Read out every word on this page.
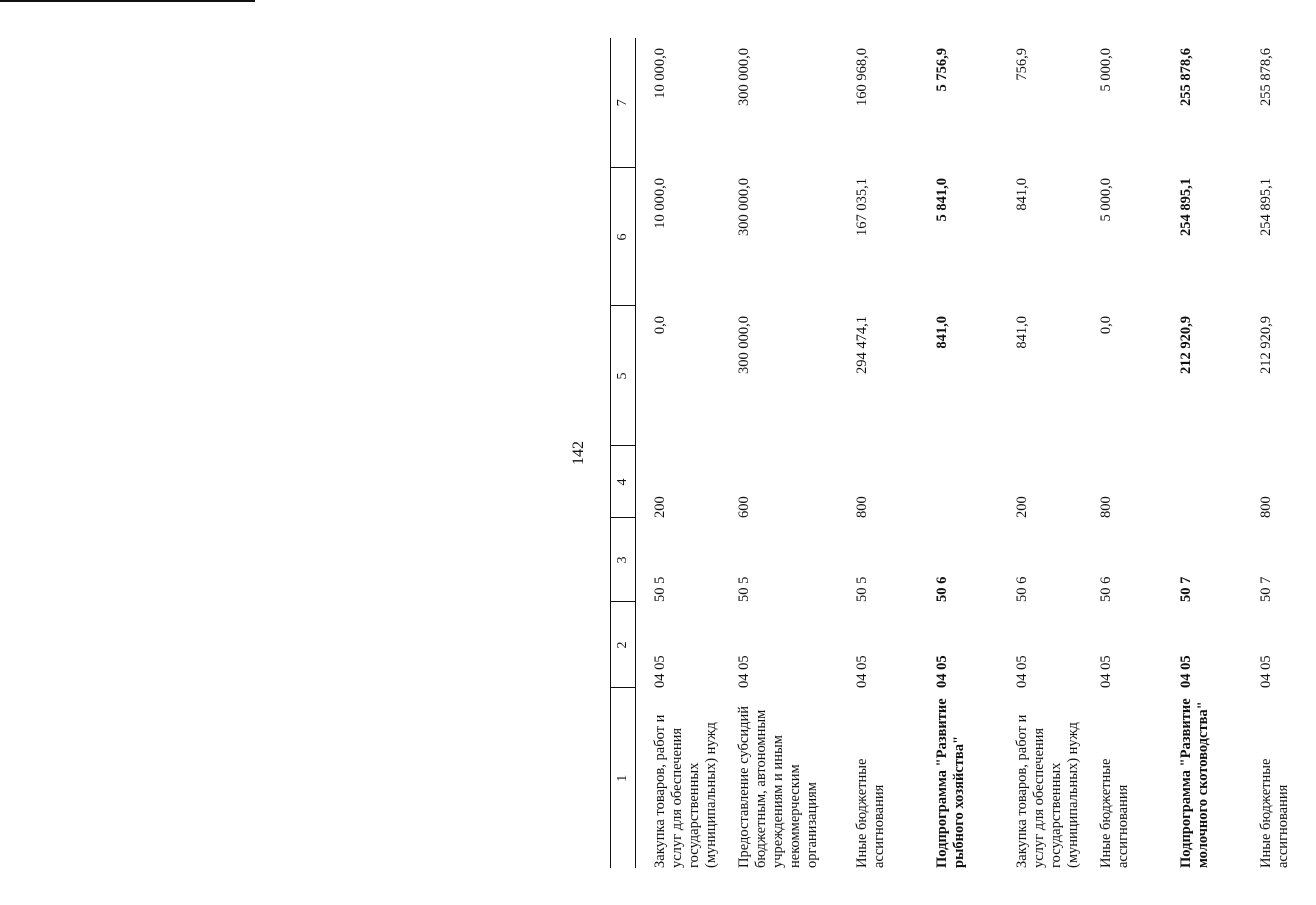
142
1	2	3	4	5	6	7
Закупка товаров, работ и услуг для обеспечения государственных (муниципальных) нужд	04 05	50 5	200	0,0	10 000,0	10 000,0
Предоставление субсидий бюджетным, автономным учреждениям и иным некоммерческим организациям	04 05	50 5	600	300 000,0	300 000,0	300 000,0
Иные бюджетные ассигнования	04 05	50 5	800	294 474,1	167 035,1	160 968,0
Подпрограмма "Развитие рыбного хозяйства"	04 05	50 6		841,0	5 841,0	5 756,9
Закупка товаров, работ и услуг для обеспечения государственных (муниципальных) нужд	04 05	50 6	200	841,0	841,0	756,9
Иные бюджетные ассигнования	04 05	50 6	800	0,0	5 000,0	5 000,0
Подпрограмма "Развитие молочного скотоводства"	04 05	50 7		212 920,9	254 895,1	255 878,6
Иные бюджетные ассигнования	04 05	50 7	800	212 920,9	254 895,1	255 878,6
